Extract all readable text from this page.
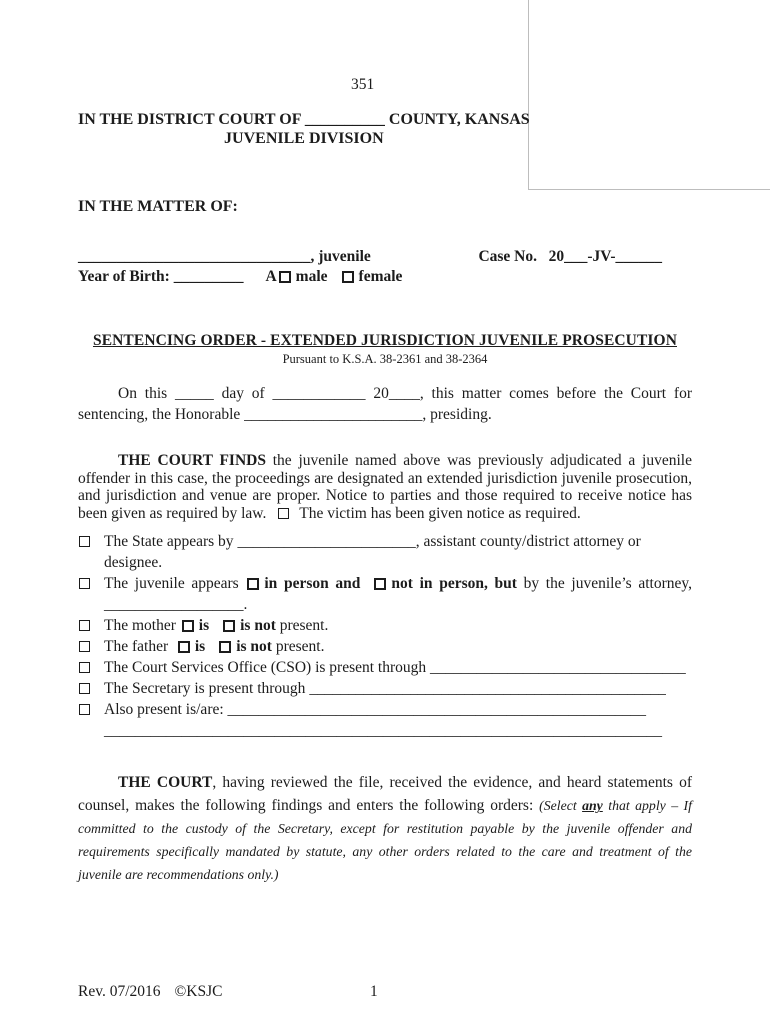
351
IN THE DISTRICT COURT OF __________ COUNTY, KANSAS
JUVENILE DIVISION
IN THE MATTER OF:
______________________________, juvenile	Case No.   20___-JV-______
Year of Birth: _________ A male female
SENTENCING ORDER - EXTENDED JURISDICTION JUVENILE PROSECUTION
Pursuant to K.S.A. 38-2361 and 38-2364

On this _____ day of ____________ 20____, this matter comes before the Court for sentencing, the Honorable _______________________, presiding.

THE COURT FINDS the juvenile named above was previously adjudicated a juvenile offender in this case, the proceedings are designated an extended jurisdiction juvenile prosecution, and jurisdiction and venue are proper. Notice to parties and those required to receive notice has been given as required by law. The victim has been given notice as required.

The State appears by _______________________, assistant county/district attorney or designee.
The juvenile appears in person and not in person, but by the juvenile’s attorney, __________________.
The mother is is not present.
The father  is is not present.
The Court Services Office (CSO) is present through _________________________________
The Secretary is present through ______________________________________________
Also present is/are: ______________________________________________________
________________________________________________________________________

THE COURT, having reviewed the file, received the evidence, and heard statements of counsel, makes the following findings and enters the following orders: (Select any that apply – If committed to the custody of the Secretary, except for restitution payable by the juvenile offender and requirements specifically mandated by statute, any other orders related to the care and treatment of the juvenile are recommendations only.)

Rev. 07/2016 ©KSJC	1
